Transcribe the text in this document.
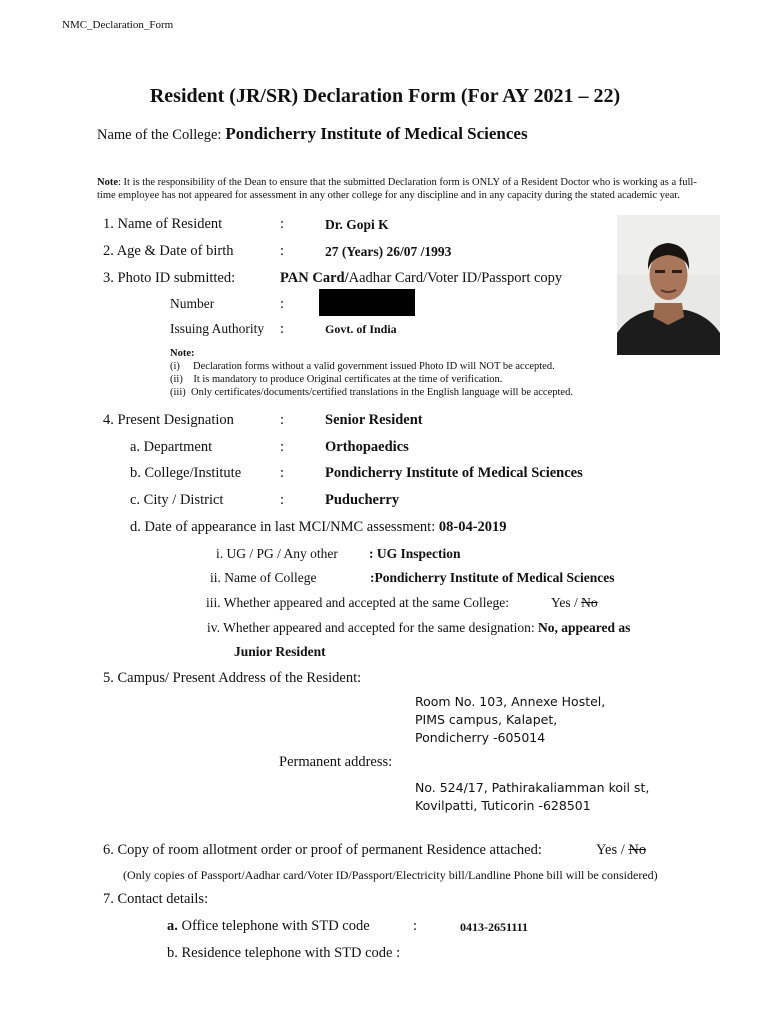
NMC_Declaration_Form
Resident (JR/SR) Declaration Form (For AY 2021 – 22)
Name of the College: Pondicherry Institute of Medical Sciences
Note: It is the responsibility of the Dean to ensure that the submitted Declaration form is ONLY of a Resident Doctor who is working as a full-time employee has not appeared for assessment in any other college for any discipline and in any capacity during the stated academic year.
1. Name of Resident	:	Dr. Gopi K
2. Age & Date of birth	:	27 (Years) 26/07 /1993
3. Photo ID submitted:	PAN Card/Aadhar Card/Voter ID/Passport copy
Number	:
Issuing Authority :	Govt. of India
Note:
(i)     Declaration forms without a valid government issued Photo ID will NOT be accepted.
(ii)    It is mandatory to produce Original certificates at the time of verification.
(iii)  Only certificates/documents/certified translations in the English language will be accepted.
4. Present Designation	:	Senior Resident
a. Department	:	Orthopaedics
b. College/Institute	:	Pondicherry Institute of Medical Sciences
c. City / District	:	Puducherry
d. Date of appearance in last MCI/NMC assessment: 08-04-2019
i. UG / PG / Any other : UG Inspection
ii. Name of College	:Pondicherry Institute of Medical Sciences
iii. Whether appeared and accepted at the same College:	Yes / No
iv. Whether appeared and accepted for the same designation: No, appeared as
Junior Resident
5. Campus/ Present Address of the Resident:
Room No. 103, Annexe Hostel,
PIMS campus, Kalapet,
Pondicherry -605014
Permanent address:
No. 524/17, Pathirakaliamman koil st,
Kovilpatti, Tuticorin -628501
6. Copy of room allotment order or proof of permanent Residence attached:	Yes / No
(Only copies of Passport/Aadhar card/Voter ID/Passport/Electricity bill/Landline Phone bill will be considered)
7. Contact details:
a. Office telephone with STD code	:	0413-2651111
b. Residence telephone with STD code :
